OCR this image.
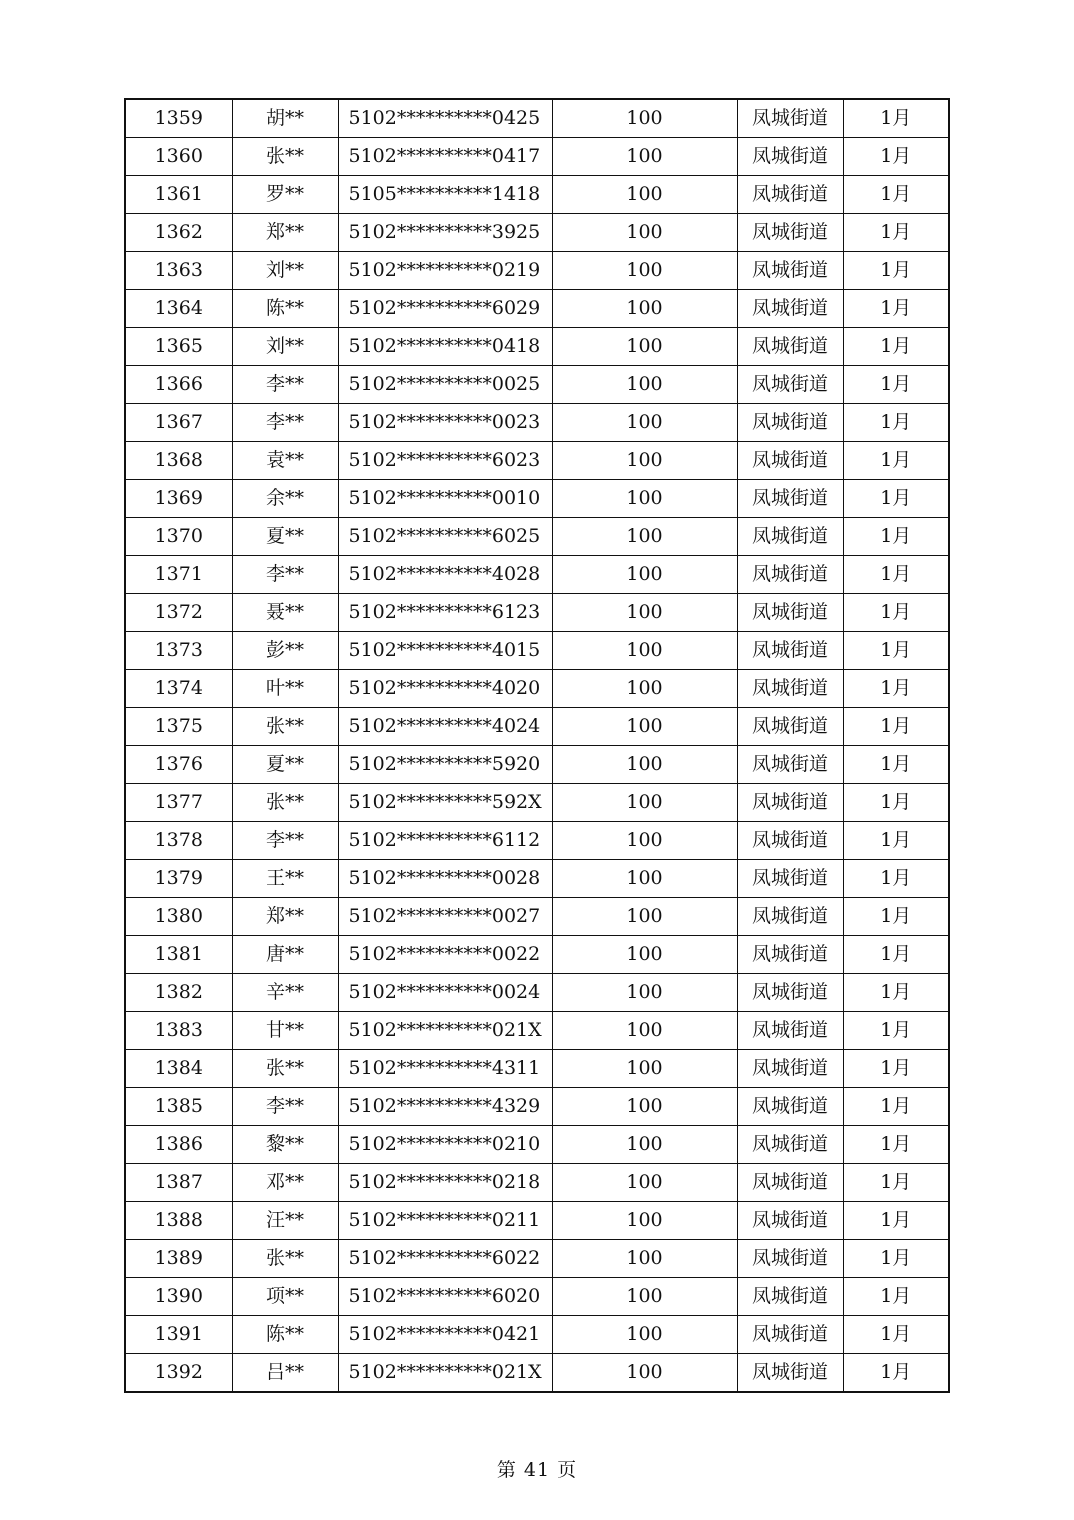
1359	胡**	5102**********0425	100	凤城街道	1月
1360	张**	5102**********0417	100	凤城街道	1月
1361	罗**	5105**********1418	100	凤城街道	1月
1362	郑**	5102**********3925	100	凤城街道	1月
1363	刘**	5102**********0219	100	凤城街道	1月
1364	陈**	5102**********6029	100	凤城街道	1月
1365	刘**	5102**********0418	100	凤城街道	1月
1366	李**	5102**********0025	100	凤城街道	1月
1367	李**	5102**********0023	100	凤城街道	1月
1368	袁**	5102**********6023	100	凤城街道	1月
1369	余**	5102**********0010	100	凤城街道	1月
1370	夏**	5102**********6025	100	凤城街道	1月
1371	李**	5102**********4028	100	凤城街道	1月
1372	聂**	5102**********6123	100	凤城街道	1月
1373	彭**	5102**********4015	100	凤城街道	1月
1374	叶**	5102**********4020	100	凤城街道	1月
1375	张**	5102**********4024	100	凤城街道	1月
1376	夏**	5102**********5920	100	凤城街道	1月
1377	张**	5102**********592X	100	凤城街道	1月
1378	李**	5102**********6112	100	凤城街道	1月
1379	王**	5102**********0028	100	凤城街道	1月
1380	郑**	5102**********0027	100	凤城街道	1月
1381	唐**	5102**********0022	100	凤城街道	1月
1382	辛**	5102**********0024	100	凤城街道	1月
1383	甘**	5102**********021X	100	凤城街道	1月
1384	张**	5102**********4311	100	凤城街道	1月
1385	李**	5102**********4329	100	凤城街道	1月
1386	黎**	5102**********0210	100	凤城街道	1月
1387	邓**	5102**********0218	100	凤城街道	1月
1388	汪**	5102**********0211	100	凤城街道	1月
1389	张**	5102**********6022	100	凤城街道	1月
1390	项**	5102**********6020	100	凤城街道	1月
1391	陈**	5102**********0421	100	凤城街道	1月
1392	吕**	5102**********021X	100	凤城街道	1月
第 41 页
